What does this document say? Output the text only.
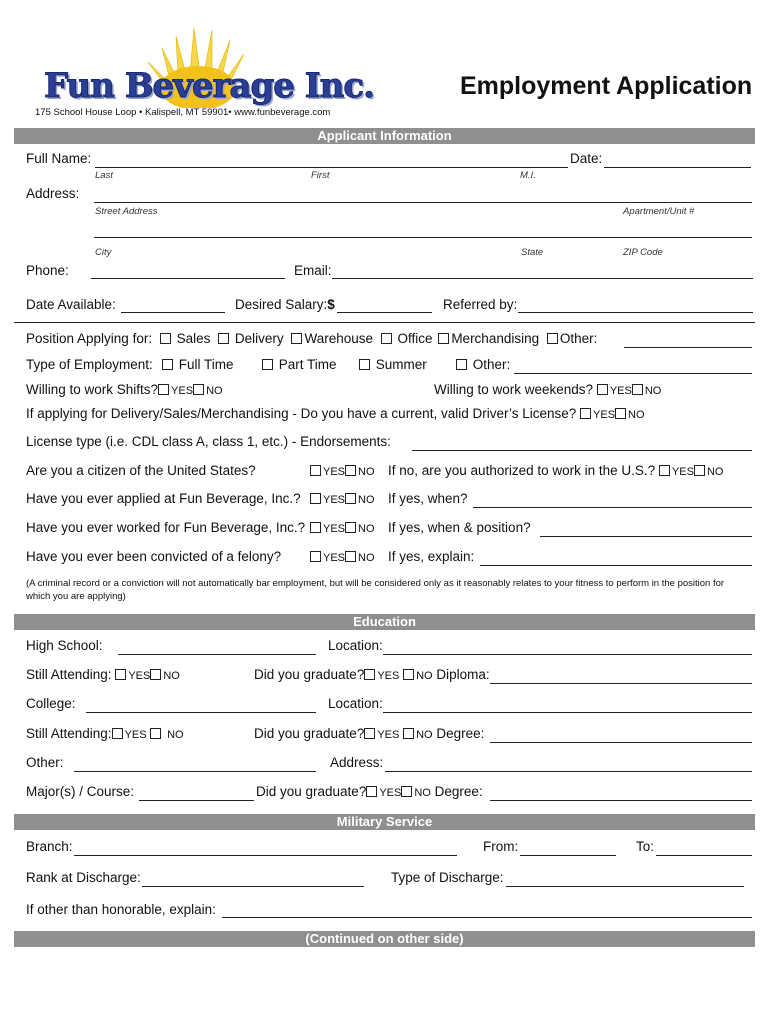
Fun Beverage Inc.	Employment Application
175 School House Loop • Kalispell, MT 59901• www.funbeverage.com
Applicant Information
Full Name:	Date:
Last	First	M.I.
Address:
Street Address	Apartment/Unit #
City	State	ZIP Code
Phone:	Email:
Date Available:	Desired Salary:$	Referred by:
Position Applying for: Sales Delivery Warehouse Office Merchandising Other:
Type of Employment:	Full Time	Part Time	Summer	Other:
Willing to work Shifts? YES NO	Willing to work weekends? YES NO
If applying for Delivery/Sales/Merchandising - Do you have a current, valid Driver’s License? YES NO
License type (i.e. CDL class A, class 1, etc.) - Endorsements:
Are you a citizen of the United States?	YES NO If no, are you authorized to work in the U.S.? YES NO
Have you ever applied at Fun Beverage, Inc.?	YES NO If yes, when?
Have you ever worked for Fun Beverage, Inc.?	YES NO If yes, when & position?
Have you ever been convicted of a felony?	YES NO If yes, explain:
(A criminal record or a conviction will not automatically bar employment, but will be considered only as it reasonably relates to your fitness to perform in the position for which you are applying)
Education
High School:	Location:
Still Attending: YES NO	Did you graduate? YES NO Diploma:
College:	Location:
Still Attending: YES NO	Did you graduate? YES NO Degree:
Other:	Address:
Major(s) / Course:	Did you graduate? YES NO Degree:
Military Service
Branch:	From:	To:
Rank at Discharge:	Type of Discharge:
If other than honorable, explain:
(Continued on other side)
